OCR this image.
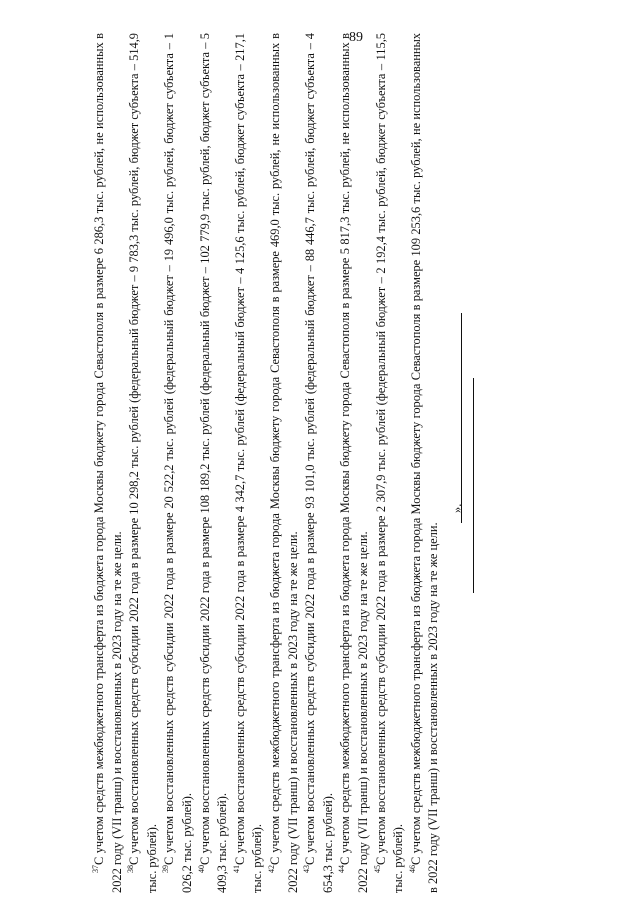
89

$^{37}$С учетом средств межбюджетного трансферта из бюджета города Москвы бюджету города Севастополя в размере 6 286,3 тыс. рублей, не использованных в 2022 году (VII транш) и восстановленных в 2023 году на те же цели. $^{38}$С учетом восстановленных средств субсидии 2022 года в размере 10 298,2 тыс. рублей (федеральный бюджет – 9 783,3 тыс. рублей, бюджет субъекта – 514,9 тыс. рублей). $^{39}$С учетом восстановленных средств субсидии 2022 года в размере 20 522,2 тыс. рублей (федеральный бюджет – 19 496,0 тыс. рублей, бюджет субъекта – 1 026,2 тыс. рублей). $^{40}$С учетом восстановленных средств субсидии 2022 года в размере 108 189,2 тыс. рублей (федеральный бюджет – 102 779,9 тыс. рублей, бюджет субъекта – 5 409,3 тыс. рублей). $^{41}$С учетом восстановленных средств субсидии 2022 года в размере 4 342,7 тыс. рублей (федеральный бюджет – 4 125,6 тыс. рублей, бюджет субъекта – 217,1 тыс. рублей). $^{42}$С учетом средств межбюджетного трансферта из бюджета города Москвы бюджету города Севастополя в размере 469,0 тыс. рублей, не использованных в 2022 году (VII транш) и восстановленных в 2023 году на те же цели. $^{43}$С учетом восстановленных средств субсидии 2022 года в размере 93 101,0 тыс. рублей (федеральный бюджет – 88 446,7 тыс. рублей, бюджет субъекта – 4 654,3 тыс. рублей). $^{44}$С учетом средств межбюджетного трансферта из бюджета города Москвы бюджету города Севастополя в размере 5 817,3 тыс. рублей, не использованных в 2022 году (VII транш) и восстановленных в 2023 году на те же цели. $^{45}$С учетом восстановленных средств субсидии 2022 года в размере 2 307,9 тыс. рублей (федеральный бюджет – 2 192,4 тыс. рублей, бюджет субъекта – 115,5 тыс. рублей). $^{46}$С учетом средств межбюджетного трансферта из бюджета города Москвы бюджету города Севастополя в размере 109 253,6 тыс. рублей, не использованных в 2022 году (VII транш) и восстановленных в 2023 году на те же цели.

».
